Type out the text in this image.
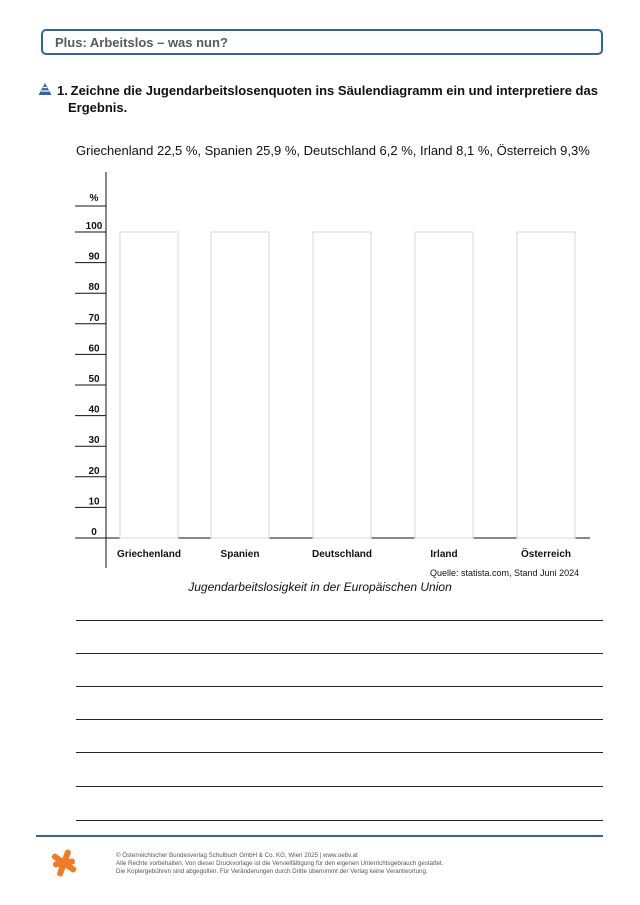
Plus: Arbeitslos – was nun?
1. Zeichne die Jugendarbeitslosenquoten ins Säulendiagramm ein und interpretiere das
Ergebnis.
Griechenland 22,5 %, Spanien 25,9 %, Deutschland 6,2 %, Irland 8,1 %, Österreich 9,3%
%
0
10
20
30
40
50
60
70
80
90
100
Griechenland	Spanien	Deutschland	Irland	Österreich
Quelle: statista.com, Stand Juni 2024
Jugendarbeitslosigkeit in der Europäischen Union
© Österreichischer Bundesverlag Schulbuch GmbH & Co. KG, Wien 2025 | www.oebv.at
Alle Rechte vorbehalten. Von dieser Druckvorlage ist die Vervielfältigung für den eigenen Unterrichtsgebrauch gestattet.
Die Kopiergebühren sind abgegolten. Für Veränderungen durch Dritte übernimmt der Verlag keine Verantwortung.
